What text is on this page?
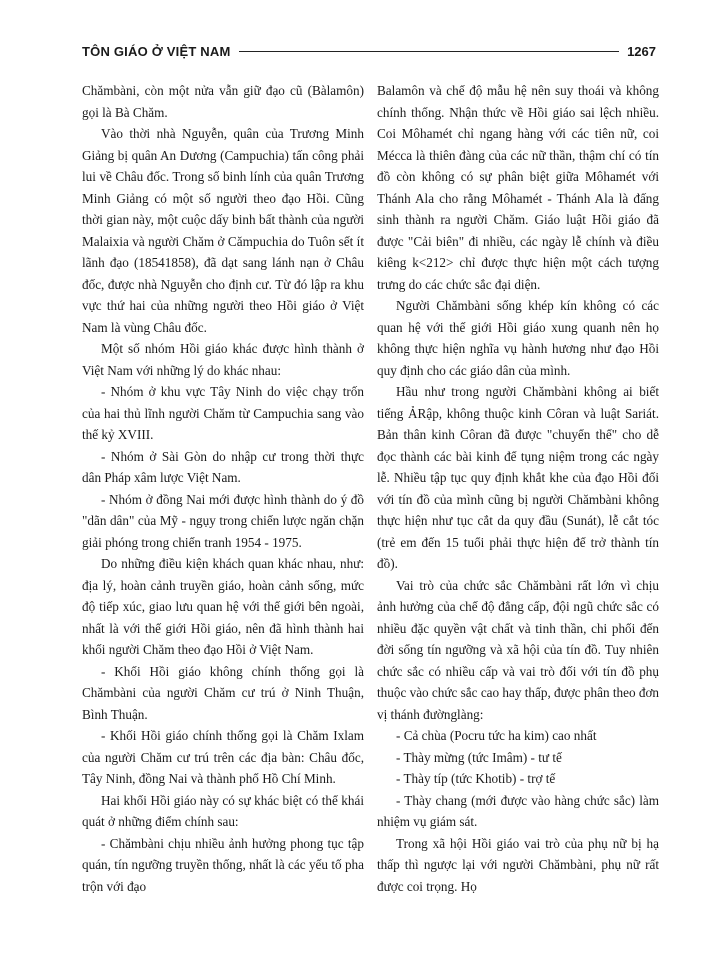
TÔN GIÁO Ở VIỆT NAM	1267

Chămbàni, còn một nửa vẫn giữ đạo cũ (Bàlamôn) gọi là Bà Chăm.

Vào thời nhà Nguyễn, quân của Trương Minh Giảng bị quân An Dương (Campuchia) tấn công phải lui về Châu đốc. Trong số binh lính của quân Trương Minh Giảng có một số người theo đạo Hồi. Cũng thời gian này, một cuộc dấy binh bất thành của người Malaixia và người Chăm ở Cămpuchia do Tuôn sết ít lãnh đạo (18541858), đã dạt sang lánh nạn ở Châu đốc, được nhà Nguyễn cho định cư. Từ đó lập ra khu vực thứ hai của những người theo Hồi giáo ở Việt Nam là vùng Châu đốc.

Một số nhóm Hồi giáo khác được hình thành ở Việt Nam với những lý do khác nhau:

- Nhóm ở khu vực Tây Ninh do việc chạy trốn của hai thủ lĩnh người Chăm từ Campuchia sang vào thế kỷ XVIII.

- Nhóm ở Sài Gòn do nhập cư trong thời thực dân Pháp xâm lược Việt Nam.

- Nhóm ở đồng Nai mới được hình thành do ý đồ "dãn dân" của Mỹ - ngụy trong chiến lược ngăn chặn giải phóng trong chiến tranh 1954 - 1975.

Do những điều kiện khách quan khác nhau, như: địa lý, hoàn cảnh truyền giáo, hoàn cảnh sống, mức độ tiếp xúc, giao lưu quan hệ với thế giới bên ngoài, nhất là với thế giới Hồi giáo, nên đã hình thành hai khối người Chăm theo đạo Hồi ở Việt Nam.

- Khối Hồi giáo không chính thống gọi là Chămbàni của người Chăm cư trú ở Ninh Thuận, Bình Thuận.

- Khối Hồi giáo chính thống gọi là Chăm Ixlam của người Chăm cư trú trên các địa bàn: Châu đốc, Tây Ninh, đồng Nai và thành phố Hồ Chí Minh.

Hai khối Hồi giáo này có sự khác biệt có thể khái quát ở những điểm chính sau:

- Chămbàni chịu nhiều ảnh hưởng phong tục tập quán, tín ngưỡng truyền thống, nhất là các yếu tố pha trộn với đạo

Balamôn và chế độ mẫu hệ nên suy thoái và không chính thống. Nhận thức về Hồi giáo sai lệch nhiều. Coi Môhamét chỉ ngang hàng với các tiên nữ, coi Mécca là thiên đàng của các nữ thần, thậm chí có tín đồ còn không có sự phân biệt giữa Môhamét với Thánh Ala cho rằng Môhamét - Thánh Ala là đấng sinh thành ra người Chăm. Giáo luật Hồi giáo đã được "Cải biên" đi nhiều, các ngày lễ chính và điều kiêng k<212> chỉ được thực hiện một cách tượng trưng do các chức sắc đại diện.

Người Chămbàni sống khép kín không có các quan hệ với thế giới Hồi giáo xung quanh nên họ không thực hiện nghĩa vụ hành hương như đạo Hồi quy định cho các giáo dân của mình.

Hầu như trong người Chămbàni không ai biết tiếng ẢRập, không thuộc kinh Côran và luật Sariát. Bản thân kinh Côran đã được "chuyển thể" cho dễ đọc thành các bài kinh để tụng niệm trong các ngày lễ. Nhiều tập tục quy định khắt khe của đạo Hồi đối với tín đồ của mình cũng bị người Chămbàni không thực hiện như tục cắt da quy đầu (Sunát), lễ cắt tóc (trẻ em đến 15 tuổi phải thực hiện để trở thành tín đồ).

Vai trò của chức sắc Chămbàni rất lớn vì chịu ảnh hưởng của chế độ đẳng cấp, đội ngũ chức sắc có nhiều đặc quyền vật chất và tinh thần, chi phối đến đời sống tín ngưỡng và xã hội của tín đồ. Tuy nhiên chức sắc có nhiều cấp và vai trò đối với tín đồ phụ thuộc vào chức sắc cao hay thấp, được phân theo đơn vị thánh đườnglàng:

- Cả chùa (Pocru tức ha kim) cao nhất

- Thày mừng (tức Imâm) - tư tế

- Thày típ (tức Khotib) - trợ tế

- Thày chang (mới được vào hàng chức sắc) làm nhiệm vụ giám sát.

Trong xã hội Hồi giáo vai trò của phụ nữ bị hạ thấp thì ngược lại với người Chămbàni, phụ nữ rất được coi trọng. Họ
